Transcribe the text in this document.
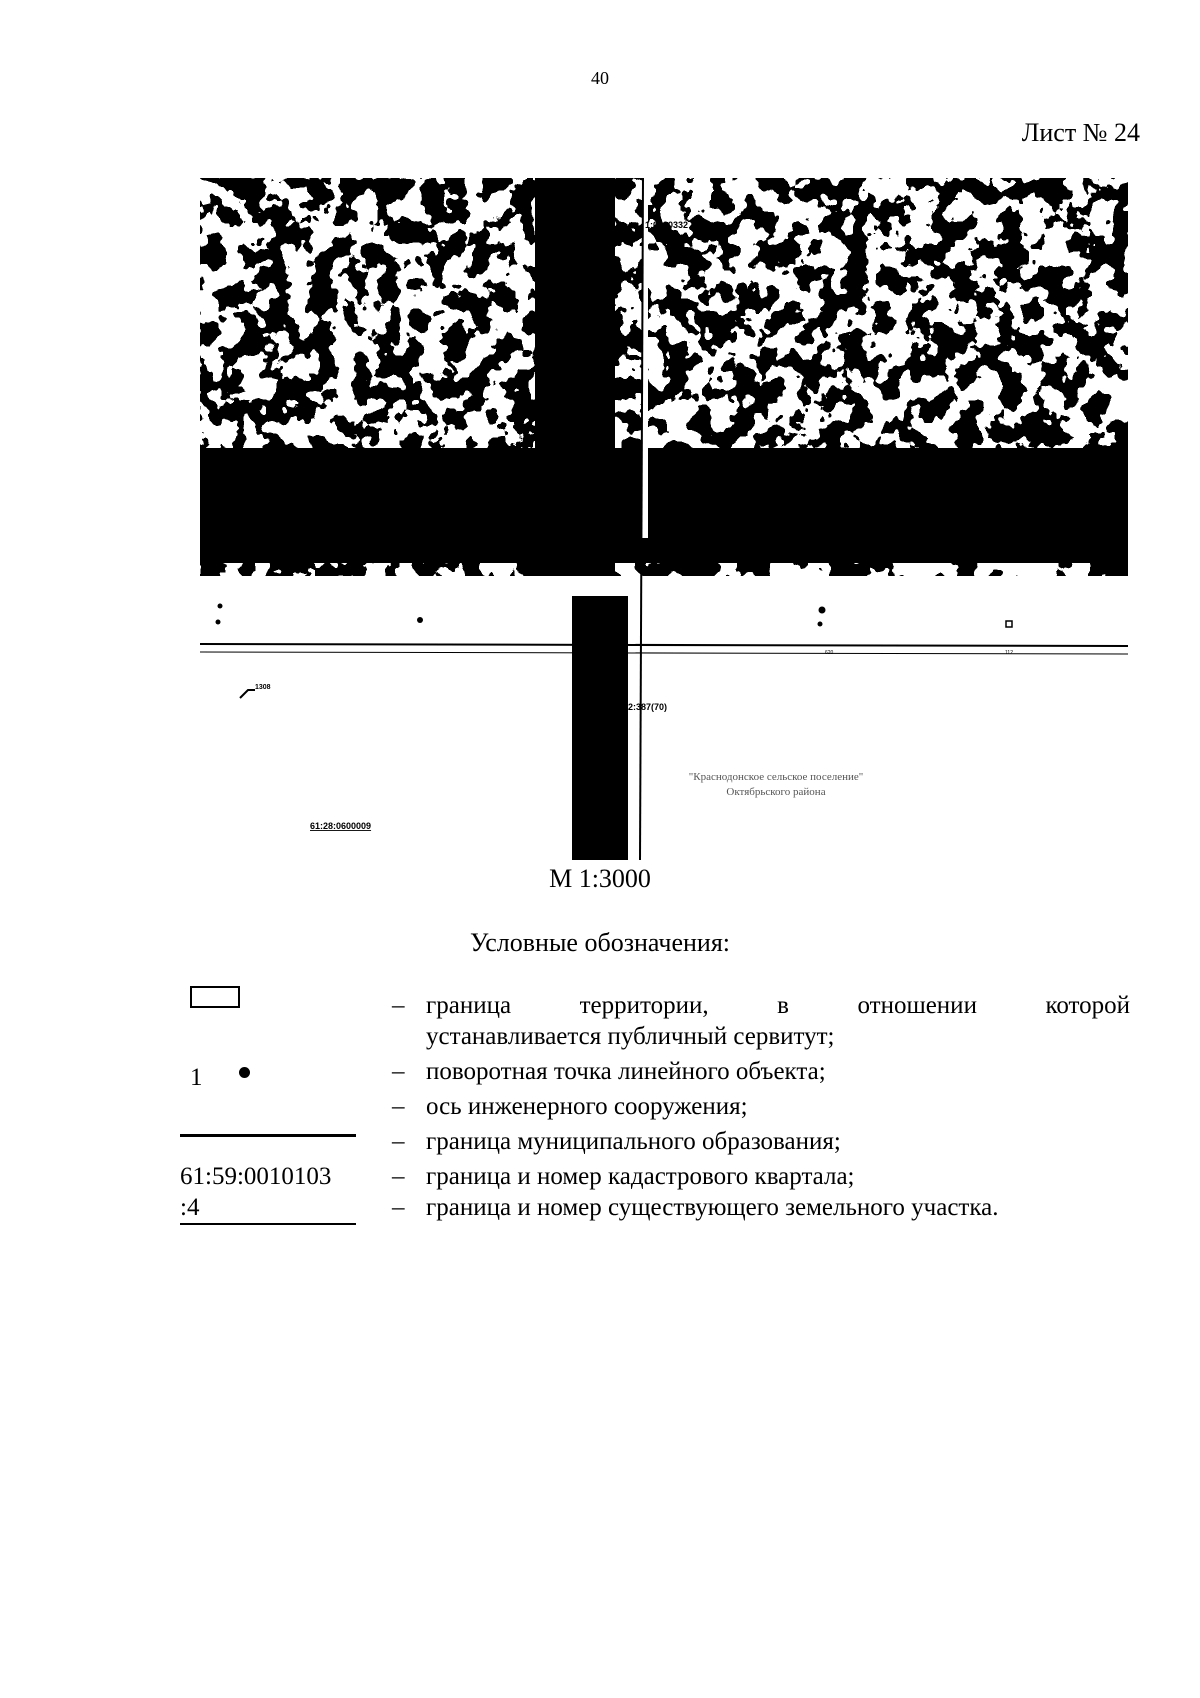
40
Лист № 24
1:0030332
2:387(70)
1308
61:28:0600009
620	112
"Краснодонское сельское поселение"
Октябрьского района
М 1:3000
Условные обозначения:
– граница территории, в отношении которой
устанавливается публичный сервитут;
1
–	поворотная точка линейного объекта;
– ось инженерного сооружения;
– граница муниципального образования;
61:59:0010103
:4
– граница и номер кадастрового квартала;
– граница и номер существующего земельного участка.
